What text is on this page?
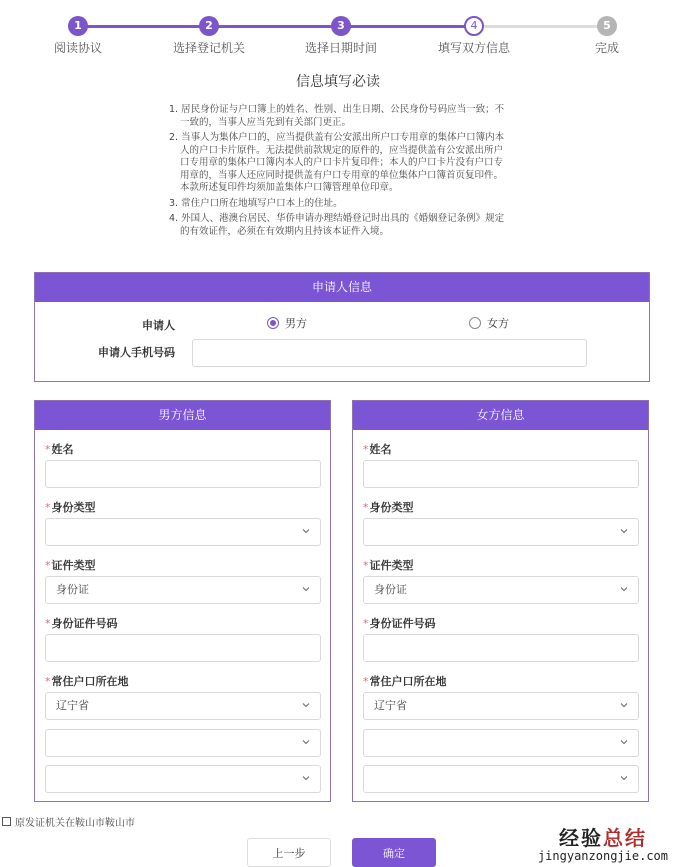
1
阅读协议
2
选择登记机关
3
选择日期时间
4
填写双方信息
5
完成
信息填写必读
1. 居民身份证与户口簿上的姓名、性别、出生日期、公民身份号码应当一致；不一致的，当事人应当先到有关部门更正。
2. 当事人为集体户口的，应当提供盖有公安派出所户口专用章的集体户口簿内本人的户口卡片原件。无法提供前款规定的原件的，应当提供盖有公安派出所户口专用章的集体户口簿内本人的户口卡片复印件；本人的户口卡片没有户口专用章的，当事人还应同时提供盖有户口专用章的单位集体户口簿首页复印件。本款所述复印件均须加盖集体户口簿管理单位印章。
3. 常住户口所在地填写户口本上的住址。
4. 外国人、港澳台居民、华侨申请办理结婚登记时出具的《婚姻登记条例》规定的有效证件，必须在有效期内且持该本证件入境。
申请人信息
申请人	男方	女方
申请人手机号码
男方信息
*姓名
*身份类型
*证件类型
身份证
*身份证件号码
*常住户口所在地
辽宁省
女方信息
*姓名
*身份类型
*证件类型
身份证
*身份证件号码
*常住户口所在地
辽宁省
原发证机关在鞍山市鞍山市
上一步	确定
经验总结
jingyanzongjie.com
